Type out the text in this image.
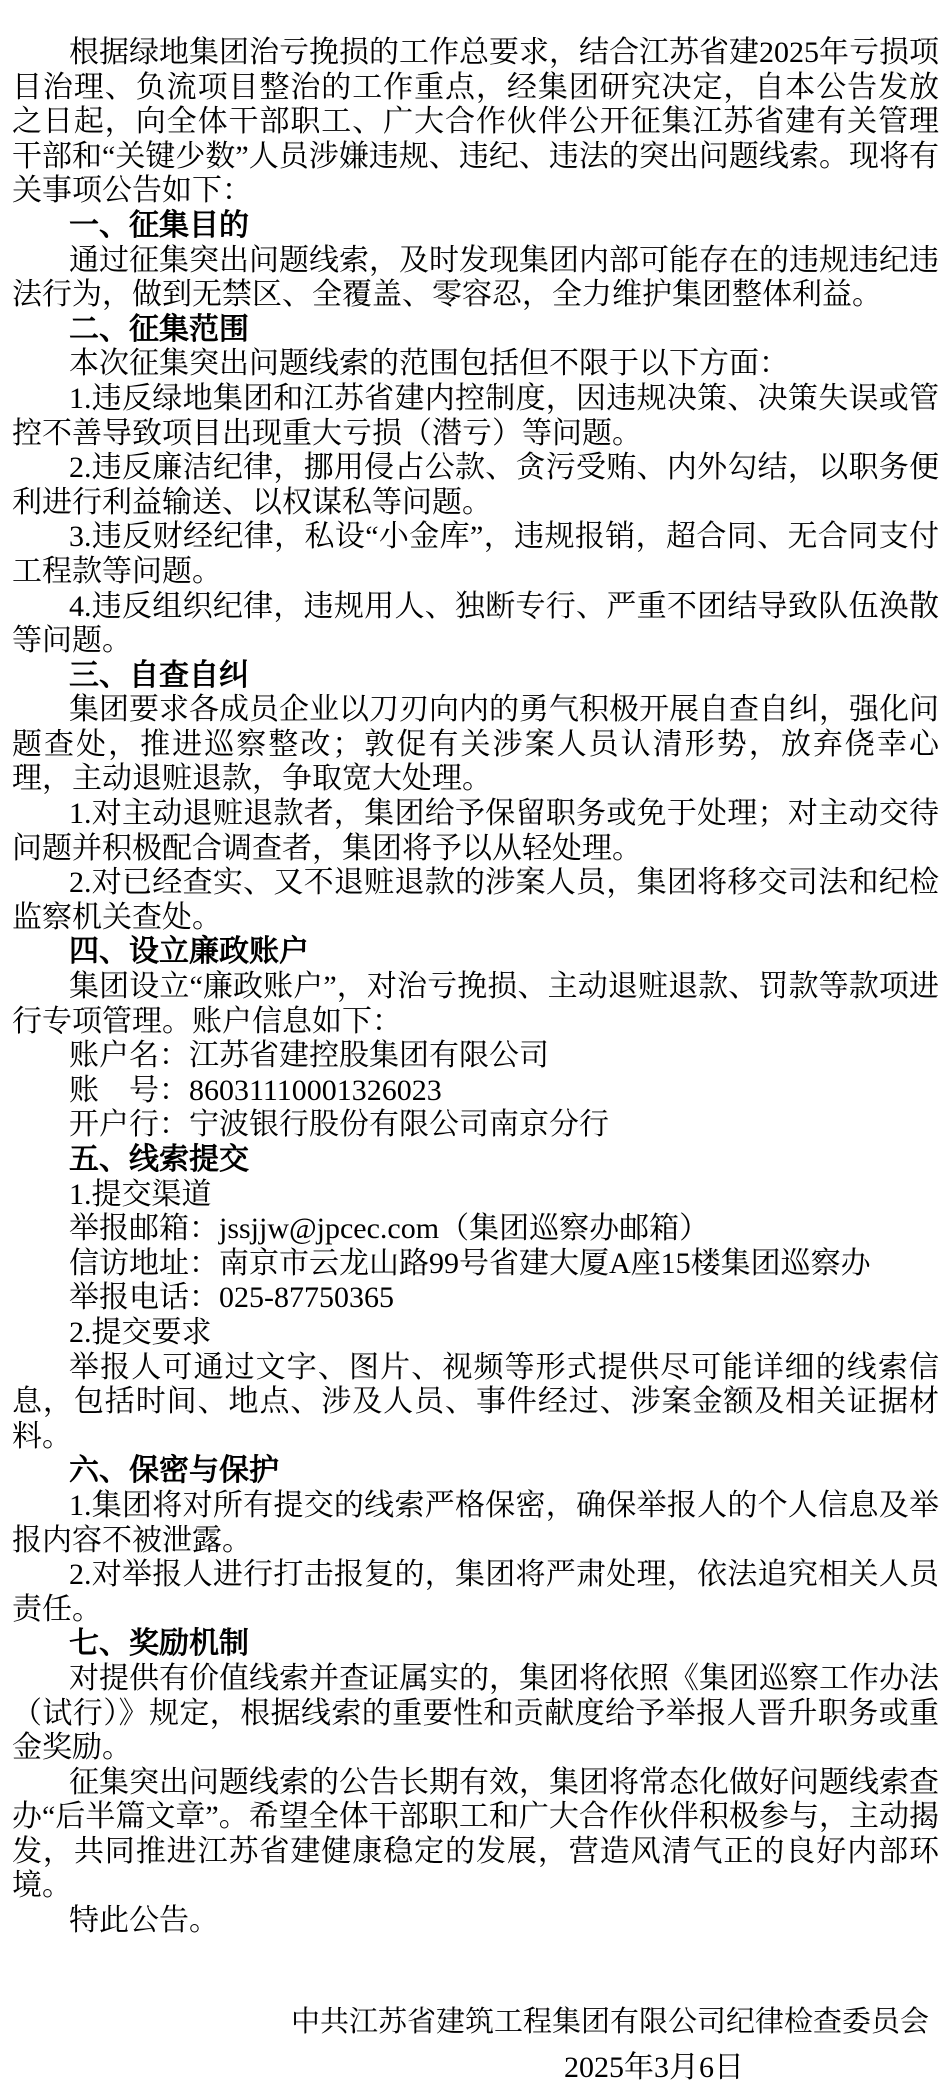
根据绿地集团治亏挽损的工作总要求，结合江苏省建2025年亏损项目治理、负流项目整治的工作重点，经集团研究决定，自本公告发放之日起，向全体干部职工、广大合作伙伴公开征集江苏省建有关管理干部和“关键少数”人员涉嫌违规、违纪、违法的突出问题线索。现将有关事项公告如下：
一、征集目的
通过征集突出问题线索，及时发现集团内部可能存在的违规违纪违法行为，做到无禁区、全覆盖、零容忍，全力维护集团整体利益。
二、征集范围
本次征集突出问题线索的范围包括但不限于以下方面：
1.违反绿地集团和江苏省建内控制度，因违规决策、决策失误或管控不善导致项目出现重大亏损（潜亏）等问题。
2.违反廉洁纪律，挪用侵占公款、贪污受贿、内外勾结，以职务便利进行利益输送、以权谋私等问题。
3.违反财经纪律，私设“小金库”，违规报销，超合同、无合同支付工程款等问题。
4.违反组织纪律，违规用人、独断专行、严重不团结导致队伍涣散等问题。
三、自查自纠
集团要求各成员企业以刀刃向内的勇气积极开展自查自纠，强化问题查处，推进巡察整改；敦促有关涉案人员认清形势，放弃侥幸心理，主动退赃退款，争取宽大处理。
1.对主动退赃退款者，集团给予保留职务或免于处理；对主动交待问题并积极配合调查者，集团将予以从轻处理。
2.对已经查实、又不退赃退款的涉案人员，集团将移交司法和纪检监察机关查处。
四、设立廉政账户
集团设立“廉政账户”，对治亏挽损、主动退赃退款、罚款等款项进行专项管理。账户信息如下：
账户名：江苏省建控股集团有限公司
账　号：86031110001326023
开户行：宁波银行股份有限公司南京分行
五、线索提交
1.提交渠道
举报邮箱：jssjjw@jpcec.com（集团巡察办邮箱）
信访地址：南京市云龙山路99号省建大厦A座15楼集团巡察办
举报电话：025-87750365
2.提交要求
举报人可通过文字、图片、视频等形式提供尽可能详细的线索信息，包括时间、地点、涉及人员、事件经过、涉案金额及相关证据材料。
六、保密与保护
1.集团将对所有提交的线索严格保密，确保举报人的个人信息及举报内容不被泄露。
2.对举报人进行打击报复的，集团将严肃处理，依法追究相关人员责任。
七、奖励机制
对提供有价值线索并查证属实的，集团将依照《集团巡察工作办法（试行）》规定，根据线索的重要性和贡献度给予举报人晋升职务或重金奖励。
征集突出问题线索的公告长期有效，集团将常态化做好问题线索查办“后半篇文章”。希望全体干部职工和广大合作伙伴积极参与，主动揭发，共同推进江苏省建健康稳定的发展，营造风清气正的良好内部环境。
特此公告。
中共江苏省建筑工程集团有限公司纪律检查委员会
2025年3月6日
